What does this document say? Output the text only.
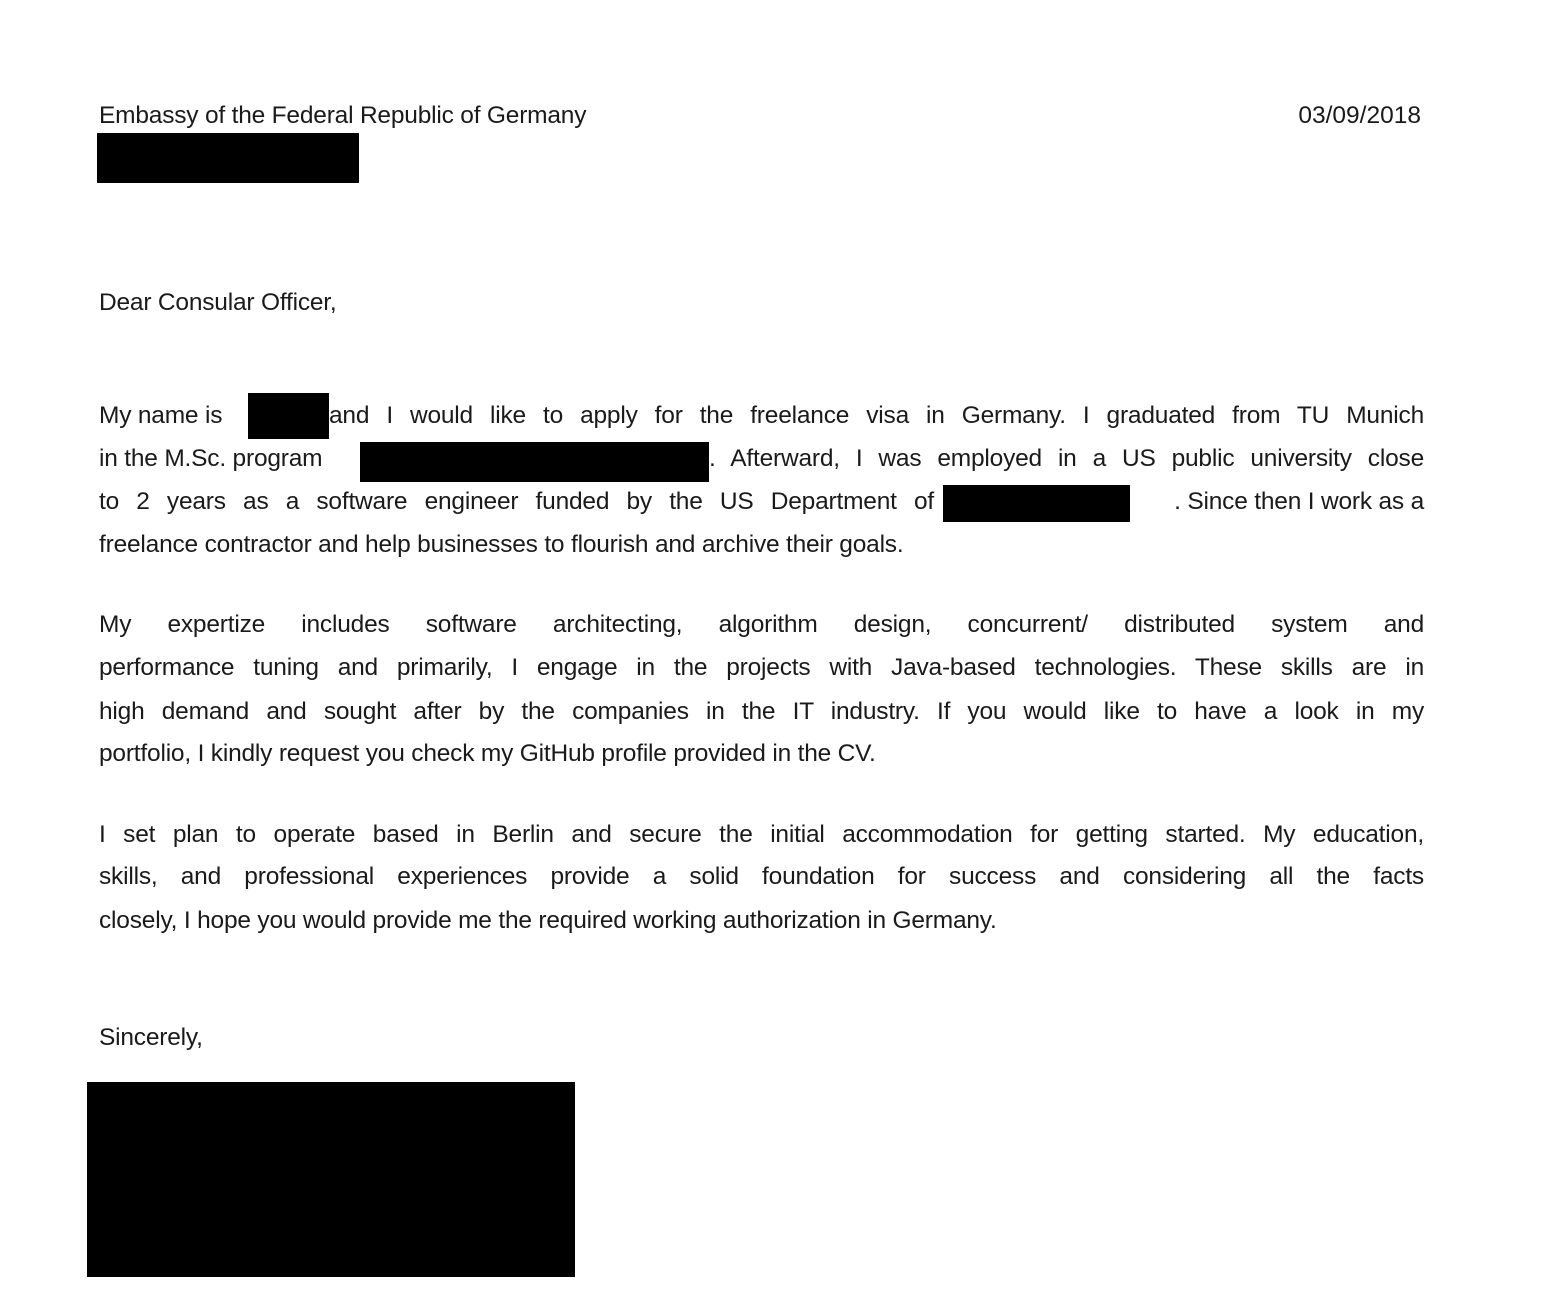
Embassy of the Federal Republic of Germany	03/09/2018
Dear Consular Officer,
My name is	and I would like to apply for the freelance visa in Germany. I graduated from TU Munich
in the M.Sc. program	. Afterward, I was employed in a US public university close
to 2 years as a software engineer funded by the US Department of	. Since then I work as a
freelance contractor and help businesses to flourish and archive their goals.
My expertize includes software architecting, algorithm design, concurrent/ distributed system and
performance tuning and primarily, I engage in the projects with Java-based technologies. These skills are in
high demand and sought after by the companies in the IT industry. If you would like to have a look in my
portfolio, I kindly request you check my GitHub profile provided in the CV.
I set plan to operate based in Berlin and secure the initial accommodation for getting started. My education,
skills, and professional experiences provide a solid foundation for success and considering all the facts
closely, I hope you would provide me the required working authorization in Germany.
Sincerely,
